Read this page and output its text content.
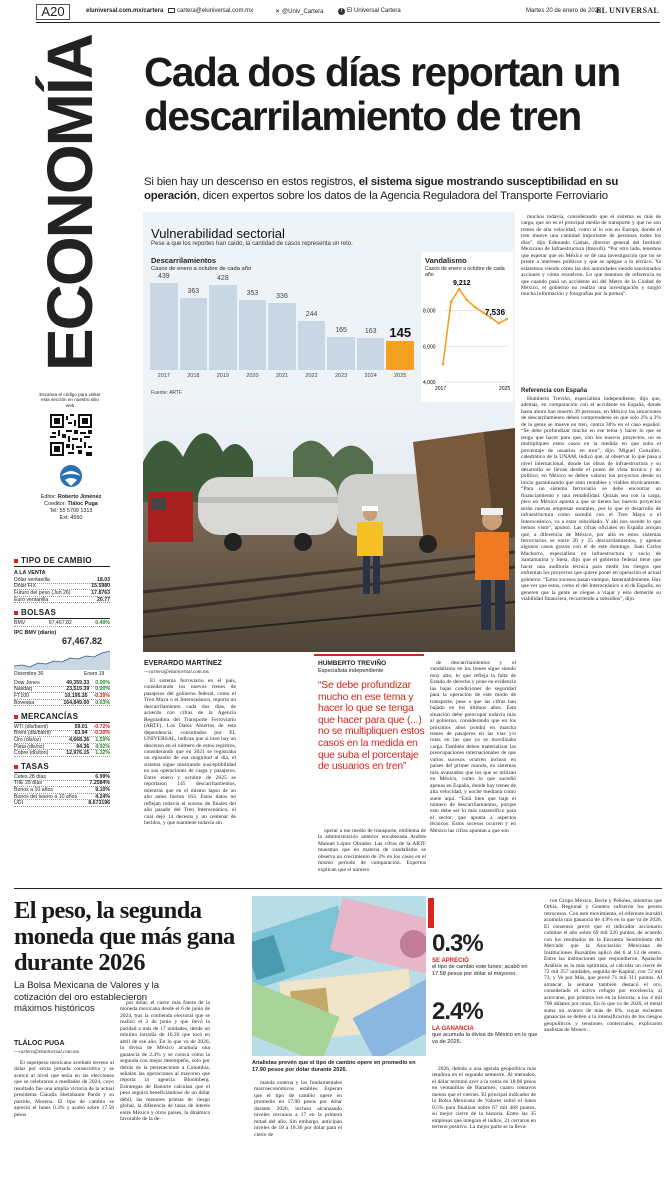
A20	eluniversal.com.mx/cartera	cartera@eluniversal.com.mx	✕ @Univ_Cartera	f El Universal Cartera	Martes 20 de enero de 2026
EL UNIVERSAL
ECONOMÍA
Escanea el código para visitar esta sección en nuestro sitio web
Editor: Roberto Jiménez
Coeditor: Tláloc Puga
Tel: 55 5709 1313
Ext: 4550
TIPO DE CAMBIO
A LA VENTA
Dólar ventanilla	18.03
Dólar FIX	15.5980
Futuro del peso (Jun 26)	17.8763
Euro ventanilla	20.77
BOLSAS
BMV	67,467.82	0.49%
IPC BMV (diario)
67,467.82
Diciembre 30	Enero 19
Dow Jones	49,359.33 0.00%
Nasdaq	23,515.39 0.00%
FT100	10,195.35 -0.39%
Bovespa	164,849.00 0.03%
MERCANCÍAS
WTI (dls/barril)	59.01 -0.72%
Brent (dls/barril)	63.94 -0.30%
Oro (dls/oz)	4,668.36 1.59%
Plata (dls/oz)	94.36 4.92%
Cobre (dls/ton)	12,976.15 1.32%
TASAS
Cetes 28 días	6.99%
TIIE 28 días	7.2584%
Bonos a 10 años	9.10%
Bonos del tesoro a 10 años	4.24%
UDI	8.673196
Cada dos días reportan un
descarrilamiento de tren
Si bien hay un descenso en estos registros, el sistema sigue mostrando susceptibilidad en su operación, dicen expertos sobre los datos de la Agencia Reguladora del Transporte Ferroviario
Vulnerabilidad sectorial
Pese a que los reportes han caído, la cantidad de casos representa un reto.
Descarrilamientos
Casos de enero a octubre de cada año
439
2017
363
2018
428
2019
353
2020
336
2021
244
2022
165
2023
163
2024
145
2025
Vandalismo
Casos de enero a octubre de cada año
4,000
6,000
8,000
9,212
7,536
2017	2025
Fuente: ARTF

muchos todavía, considerando que el sistema es más de carga, que no es el principal medio de transporte y que no son trenes de alta velocidad, como sí lo son en Europa, donde el tren mueve una cantidad importante de personas todos los días”, dijo Edmundo Gamas, director general del Instituto Mexicano de Infraestructura (Imexdi). “Por otro lado, tenemos que esperar que en México se dé una investigación que no se preste a intereses políticos y que se apegue a lo técnico. Ya estaremos viendo cómo las dos autoridades siendo sancionados acciones y cómo resuelven. Lo que tenemos de referencia es que cuando pasó un accidente así del Metro de la Ciudad de México, el gobierno no realizó una investigación y surgió mucha información y fotografías por la prensa”.

Referencia con España

Humberto Treviño, especialista independiente, dijo que, además, en comparación con el accidente en España, donde hasta ahora han muerto 39 personas, en México las situaciones de descarrilamiento deben comprenderse en que solo 2% a 3% de la gente se mueve en tren, contra 30% en el caso español. “Se debe profundizar mucho en ese tema y hacer lo que se tenga que hacer para que, con los nuevos proyectos, no se multipliquen estos casos en la medida en que suba el porcentaje de usuarios en tren”, dijo. Miguel González, catedrático de la UNAM, indicó que, al observar lo que pasa a nivel internacional, donde las obras de infraestructura y su desarrollo se llevan desde el punto de vista técnico y no político, en México se deben valorar los proyectos desde su inicio garantizando que sean rentables y viables técnicamente. “Para un sistema ferroviario se debe encontrar un financiamiento y una rentabilidad. Quizás sea con la carga, pero en México apunta a que se tienen los nuevos proyectos serán nuevas empresas estatales, por lo que el desarrollo de infraestructura como sucedió con el Tren Maya o el Interoceánico, va a estar subsidiado. Y ahí nos sucede lo que hemos visto”, apuntó. Las cifras oficiales en España arrojan que, a diferencia de México, por allá es estos sistemas ferroviarios se entre 20 y 25 descarrilamientos, y apenas algunos casos graves con el de este domingo. Juan Carlos Machorro, especialista en infraestructura y socio de Santamarina y Steta, dijo que el gobierno federal tiene que hacer una auditoría técnica para medir los riesgos que enfrentan los proyectos que quiere poner en operación el actual gobierno. “Estos sucesos pasan siempre, lamentablemente. Hay que ver que estos, como el del Interoceánico o el de España, no generen que la gente se niegue a viajar y esto demerite su viabilidad financiera, recurriendo a subsidios”, dijo.

EVERARDO MARTÍNEZ
—cartera@eluniversal.com.mx

El sistema ferroviario en el país, considerando los nuevos trenes de pasajeros del gobierno federal, como el Tren Maya o el Interoceánico, reporta un descarrilamiento cada dos días, de acuerdo con cifras de la Agencia Reguladora del Transporte Ferroviario (ARTF). Los Datos Abiertos de esta dependencia, consultados por EL UNIVERSAL, indican que si bien hay un descenso en el número de estos registros, considerando que en 2021 se registraba un episodio de esa magnitud al día, el sistema sigue mostrando susceptibilidad en sus operaciones de carga y pasajeros. Entre enero y octubre de 2025 se reportaron 145 descarrilamientos, mientras que en el mismo lapso de un año antes fueron 163. Estos datos no reflejan todavía el suceso de finales del año pasado del Tren Interoceánico, el cual dejó 14 decesos y un centenar de heridos, y que mantiene todavía sin

HUMBERTO TREVIÑO
Especialista independiente
“Se debe profundizar mucho en ese tema y hacer lo que se tenga que hacer para que (...) no se multipliquen estos casos en la medida en que suba el porcentaje de usuarios en tren”

operar a ese medio de transporte, emblema de la administración anterior encabezada Andrés Manuel López Obrador. Las cifras de la ARTF muestran que en materia de vandalismo se observa un crecimiento de 3% en los casos en el mismo periodo de comparación. Expertos explican que el número

de descarrilamientos y el vandalismo en los trenes sigue siendo muy alto, lo que refleja la falta de Estado de derecho y pone en evidencia las bajas condiciones de seguridad para la operación de este modo de transporte, pese a que las cifras han bajado en los últimos años. Esta situación debe preocupar todavía más al gobierno, considerando que en los próximos años pondrá en marcha trenes de pasajeros en las vías y/o rutas en las que ya se movilizaba carga. También deben materializar las preocupaciones internacionales de que varios sucesos ocurren incluso en países del primer mundo, en sistemas más avanzados que los que se utilizan en México, como lo que sucedió apenas en España, donde hay trenes de alta velocidad, y noche mediana como suele aquí. “Está bien que baje el número de descarrilamientos, porque esto debe ser lo más catastrófico para el sector, que apunta a aspectos técnicos. Estos sucesos ocurren y en México las cifras apuntan a que son

El peso, la segunda moneda que más gana durante 2026
La Bolsa Mexicana de Valores y la cotización del oro establecieron máximos históricos
TLÁLOC PUGA
—cartera@eluniversal.com.mx

El superpeso mexicano arrebató terreno al dólar por sexta jornada consecutiva y se acercó al nivel que tenía en las elecciones que se celebraron a mediados de 2024, cuyo resultado fue una amplia victoria de la actual presidenta Claudia Sheinbaum Pardo y su partido, Morena. El tipo de cambio se apreció el lunes 0.3% y acabó sobre 17.58 pesos

por dólar, el cierre más fuerte de la moneda mexicana desde el 6 de junio de 2024, tras la contienda electoral que se realizó el 2 de junio y que llevó la paridad a más de 17 unidades, desde un mínimo intradía de 16.26 que tocó en abril de ese año. En lo que va de 2026, la divisa de México acumula una ganancia de 2.4% y se coloca como la segunda con mejor desempeño, solo por detrás de la perteneciente a Colombia, señalan las operaciones al mayoreo que reporta la agencia Bloomberg. Estrategas de Banorte calculan que el peso seguirá beneficiándose de un dólar débil, las menores primas de riesgo global, la diferencia de tasas de interés entre México y otros países, la dinámica favorable de la de-

Analistas prevén que el tipo de cambio opere en promedio en 17.90 pesos por dólar durante 2026.

manda externa y los fundamentales macroeconómicos estables. Esperan que el tipo de cambio opere en promedio en 17.90 pesos por dólar durante 2026, incluso alcanzando niveles cercanos a 17 en la primera mitad del año. Sin embargo, anticipan niveles de 18 a 18.30 por dólar para el cierre de

0.3%
SE APRECIÓ
el tipo de cambio este lunes; acabó en 17.58 pesos por dólar al mayoreo.
2.4%
LA GANANCIA
que acumula la divisa de México en lo que va de 2026.

2026, debido a una agenda geopolítica más retadora en el segundo semestre. Al menudeo, el dólar terminó ayer a la venta en 18.06 pesos en ventanillas de Banamex, cuatro centavos menos que el viernes. El principal indicador de la Bolsa Mexicana de Valores subió el lunes 0.5% para finalizar sobre 67 mil 468 puntos, su mejor cierre de la historia. Entre las 35 empresas que integran el índice, 21 cerraron en terreno positivo. La mejor parte se la lleva-

ron Grupo México, Becle y Peñoles, mientras que Orbia, Regional y Gentera sufrieron los peores retrocesos. Con este movimiento, el referente bursátil acumula una ganancia de 4.9% en lo que va de 2026. El consenso prevé que el indicador accionario culmine el año sobre 69 mil 220 puntos, de acuerdo con los resultados de la Encuesta Sentimiento del Mercado que la Asociación Mexicana de Instituciones Bursátiles aplicó del 6 al 13 de enero. Entre las instituciones que respondieron, Apalache Análisis es la más optimista, al calcular un cierre de 72 mil 257 unidades, seguida de Kapital, con 72 mil 73, y Ve por Más, que prevé 71 mil 311 puntos. Al arrancar la semana también destacó el oro, considerado el activo refugio por excelencia, al acercarse, por primera vez en la historia, a los 4 mil 700 dólares por onza. En lo que va de 2026, el metal suma un avance de más de 8%, cuyas recientes ganancias se deben a la intensificación de los riesgos geopolíticos y tensiones comerciales, explicaron analistas de Monex.
